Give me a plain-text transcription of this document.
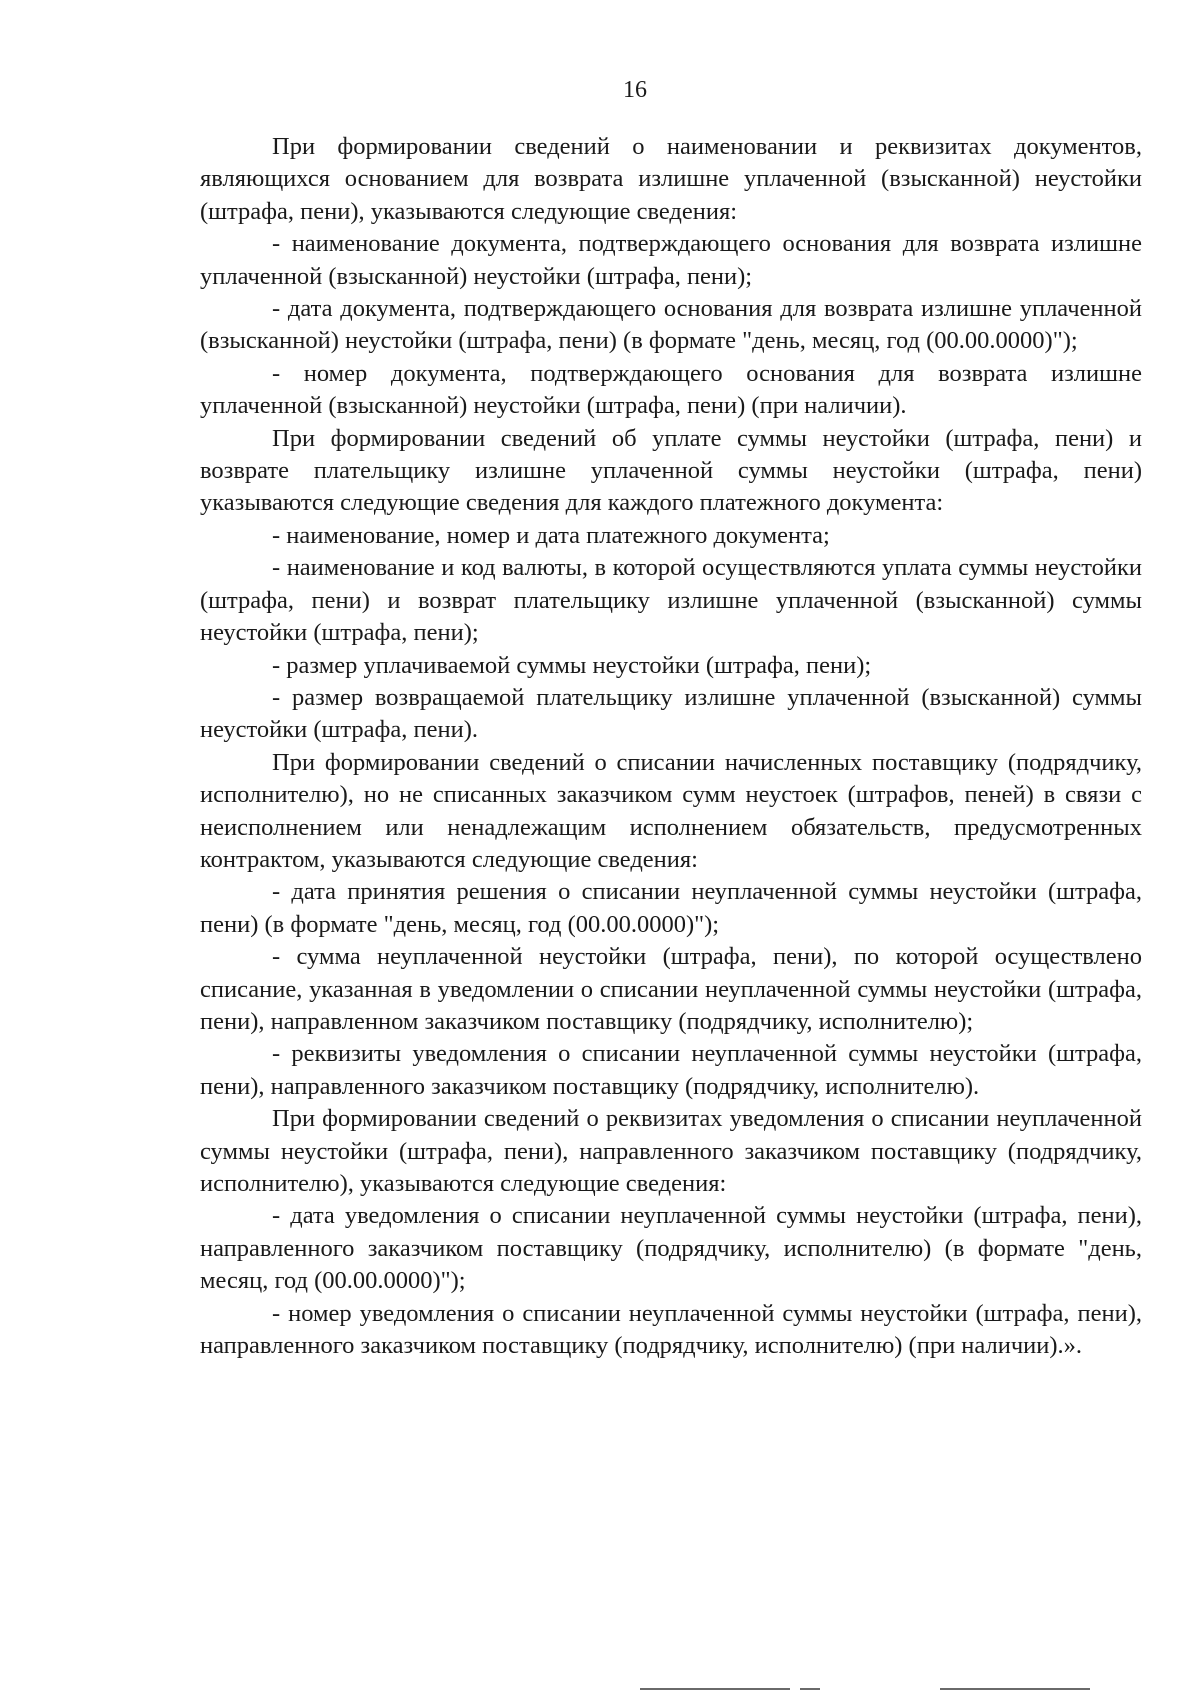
16

При формировании сведений о наименовании и реквизитах документов, являющихся основанием для возврата излишне уплаченной (взысканной) неустойки (штрафа, пени), указываются следующие сведения:

- наименование документа, подтверждающего основания для возврата излишне уплаченной (взысканной) неустойки (штрафа, пени);

- дата документа, подтверждающего основания для возврата излишне уплаченной (взысканной) неустойки (штрафа, пени) (в формате "день, месяц, год (00.00.0000)");

- номер документа, подтверждающего основания для возврата излишне уплаченной (взысканной) неустойки (штрафа, пени) (при наличии).

При формировании сведений об уплате суммы неустойки (штрафа, пени) и возврате плательщику излишне уплаченной суммы неустойки (штрафа, пени) указываются следующие сведения для каждого платежного документа:

- наименование, номер и дата платежного документа;

- наименование и код валюты, в которой осуществляются уплата суммы неустойки (штрафа, пени) и возврат плательщику излишне уплаченной (взысканной) суммы неустойки (штрафа, пени);

- размер уплачиваемой суммы неустойки (штрафа, пени);

- размер возвращаемой плательщику излишне уплаченной (взысканной) суммы неустойки (штрафа, пени).

При формировании сведений о списании начисленных поставщику (подрядчику, исполнителю), но не списанных заказчиком сумм неустоек (штрафов, пеней) в связи с неисполнением или ненадлежащим исполнением обязательств, предусмотренных контрактом, указываются следующие сведения:

- дата принятия решения о списании неуплаченной суммы неустойки (штрафа, пени) (в формате "день, месяц, год (00.00.0000)");

- сумма неуплаченной неустойки (штрафа, пени), по которой осуществлено списание, указанная в уведомлении о списании неуплаченной суммы неустойки (штрафа, пени), направленном заказчиком поставщику (подрядчику, исполнителю);

- реквизиты уведомления о списании неуплаченной суммы неустойки (штрафа, пени), направленного заказчиком поставщику (подрядчику, исполнителю).

При формировании сведений о реквизитах уведомления о списании неуплаченной суммы неустойки (штрафа, пени), направленного заказчиком поставщику (подрядчику, исполнителю), указываются следующие сведения:

- дата уведомления о списании неуплаченной суммы неустойки (штрафа, пени), направленного заказчиком поставщику (подрядчику, исполнителю) (в формате "день, месяц, год (00.00.0000)");

- номер уведомления о списании неуплаченной суммы неустойки (штрафа, пени), направленного заказчиком поставщику (подрядчику, исполнителю) (при наличии).».
